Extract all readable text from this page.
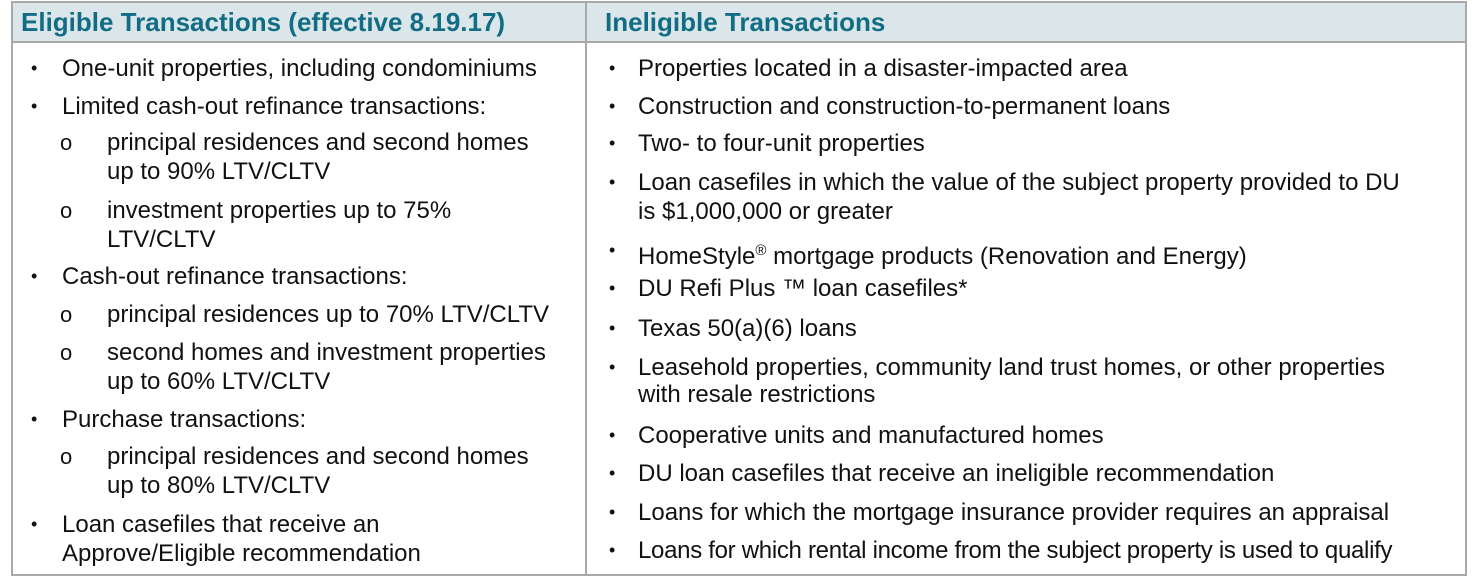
Eligible Transactions (effective 8.19.17)	Ineligible Transactions
• One-unit properties, including condominiums
• Limited cash-out refinance transactions:
o principal residences and second homes
up to 90% LTV/CLTV
o investment properties up to 75%
LTV/CLTV
• Cash-out refinance transactions:
o principal residences up to 70% LTV/CLTV
o second homes and investment properties
up to 60% LTV/CLTV
• Purchase transactions:
o principal residences and second homes
up to 80% LTV/CLTV
• Loan casefiles that receive an
Approve/Eligible recommendation
• Properties located in a disaster-impacted area
• Construction and construction-to-permanent loans
• Two- to four-unit properties
• Loan casefiles in which the value of the subject property provided to DU
is $1,000,000 or greater
• HomeStyle® mortgage products (Renovation and Energy)
• DU Refi Plus ™ loan casefiles*
• Texas 50(a)(6) loans
• Leasehold properties, community land trust homes, or other properties
with resale restrictions
• Cooperative units and manufactured homes
• DU loan casefiles that receive an ineligible recommendation
• Loans for which the mortgage insurance provider requires an appraisal
• Loans for which rental income from the subject property is used to qualify
